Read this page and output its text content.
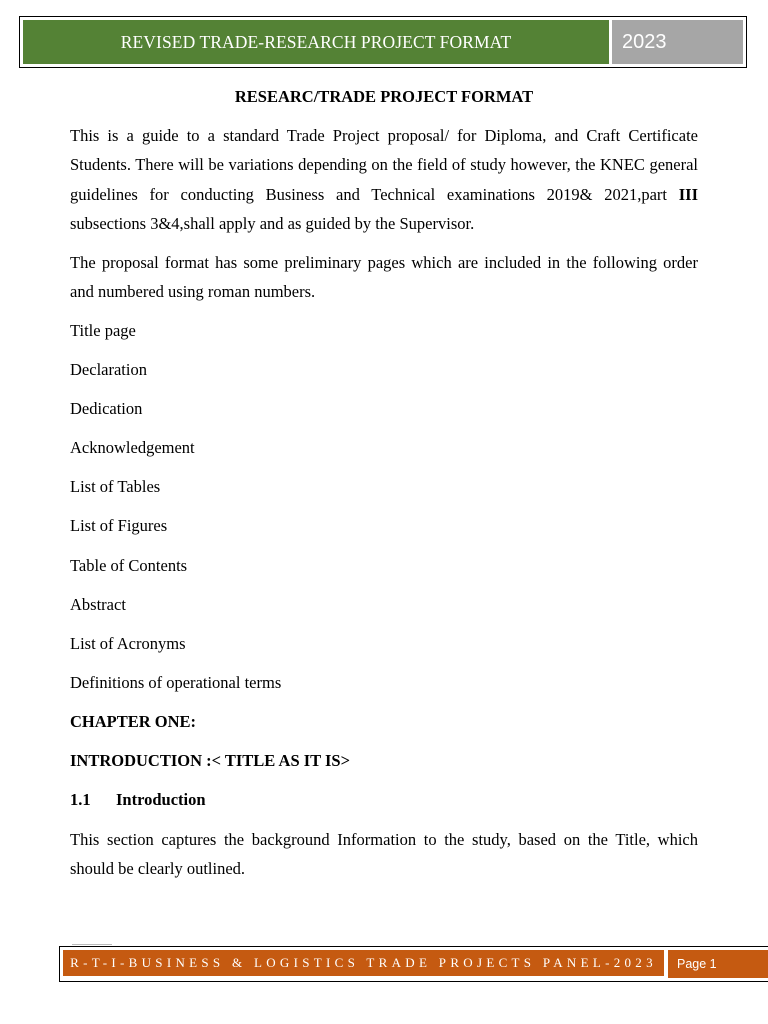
REVISED TRADE-RESEARCH PROJECT FORMAT	2023
RESEARC/TRADE PROJECT FORMAT
This is a guide to a standard Trade Project proposal/ for Diploma, and Craft Certificate Students. There will be variations depending on the field of study however, the KNEC general guidelines for conducting Business and Technical examinations 2019& 2021,part III subsections 3&4,shall apply and as guided by the Supervisor.
The proposal format has some preliminary pages which are included in the following order and numbered using roman numbers.
Title page
Declaration
Dedication
Acknowledgement
List of Tables
List of Figures
Table of Contents
Abstract
List of Acronyms
Definitions of operational terms
CHAPTER ONE:
INTRODUCTION :< TITLE AS IT IS>
1.1 Introduction
This section captures the background Information to the study, based on the Title, which should be clearly outlined.
R-T-I-BUSINESS & LOGISTICS TRADE PROJECTS PANEL-2023	Page 1
